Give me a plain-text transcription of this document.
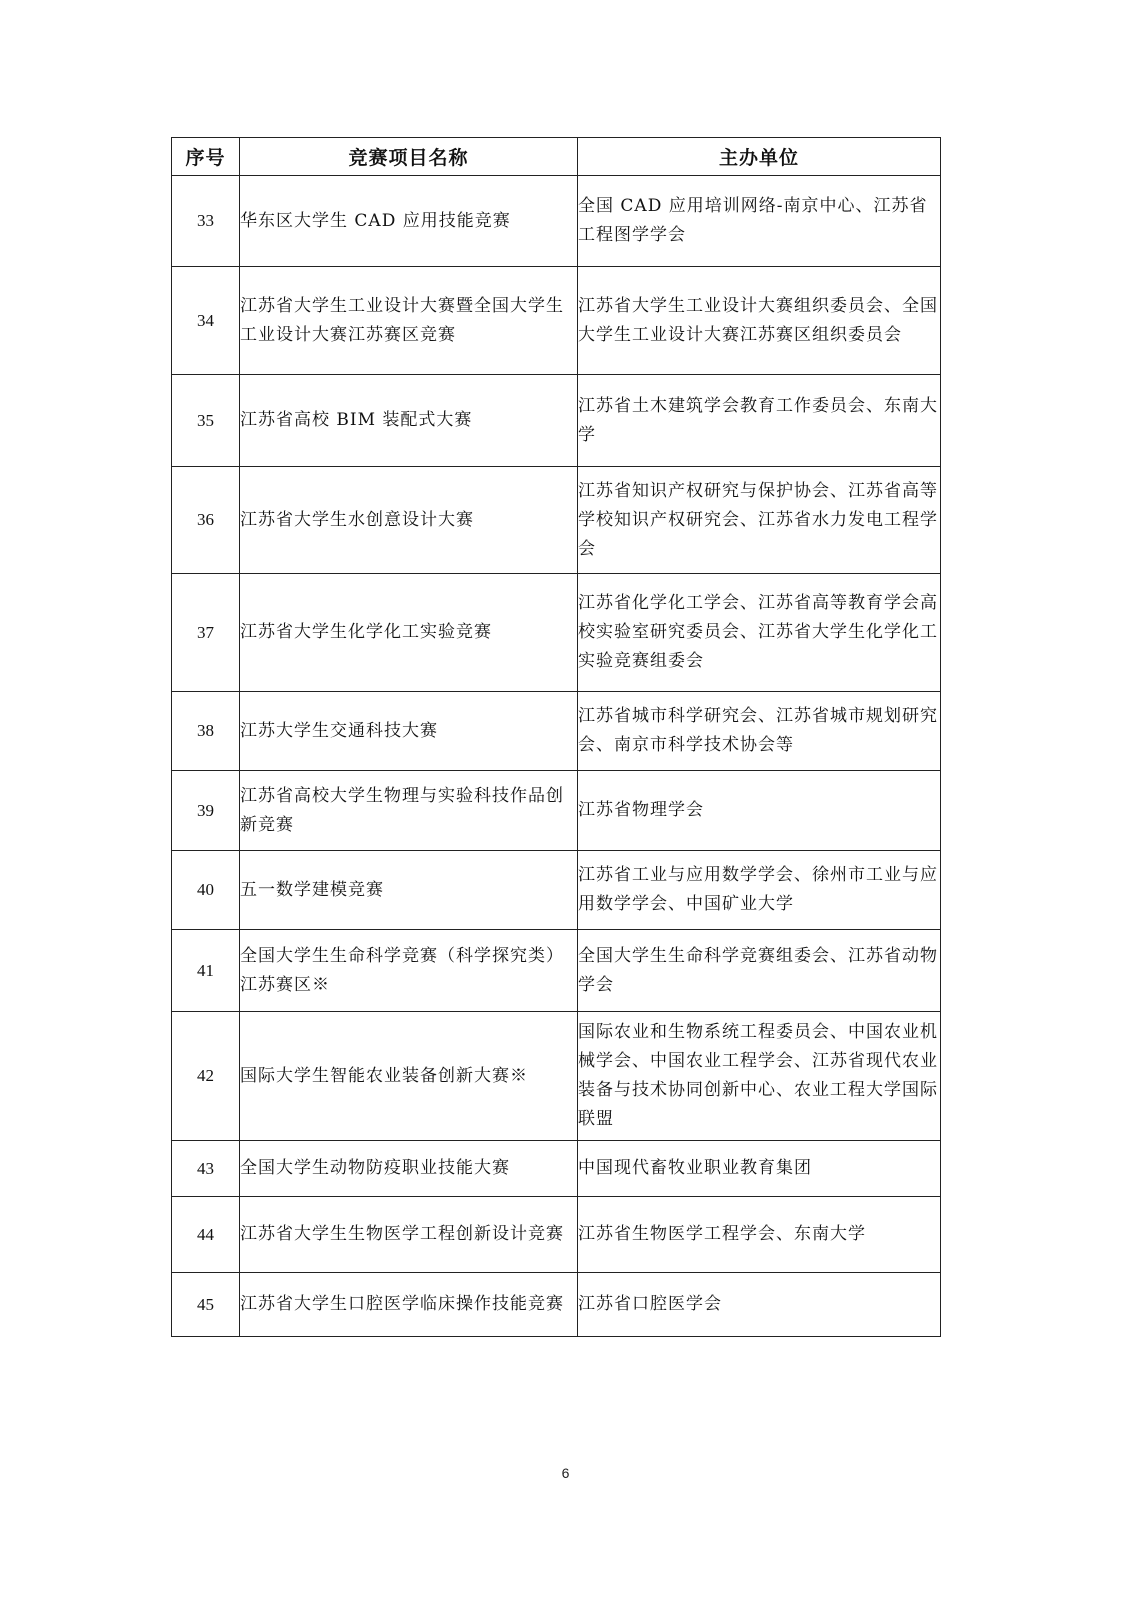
序号	竞赛项目名称	主办单位
33	华东区大学生 CAD 应用技能竞赛	全国 CAD 应用培训网络-南京中心、江苏省工程图学学会
34	江苏省大学生工业设计大赛暨全国大学生工业设计大赛江苏赛区竞赛	江苏省大学生工业设计大赛组织委员会、全国大学生工业设计大赛江苏赛区组织委员会
35	江苏省高校 BIM 装配式大赛	江苏省土木建筑学会教育工作委员会、东南大学
36	江苏省大学生水创意设计大赛	江苏省知识产权研究与保护协会、江苏省高等学校知识产权研究会、江苏省水力发电工程学会
37	江苏省大学生化学化工实验竞赛	江苏省化学化工学会、江苏省高等教育学会高校实验室研究委员会、江苏省大学生化学化工实验竞赛组委会
38	江苏大学生交通科技大赛	江苏省城市科学研究会、江苏省城市规划研究会、南京市科学技术协会等
39	江苏省高校大学生物理与实验科技作品创新竞赛	江苏省物理学会
40	五一数学建模竞赛	江苏省工业与应用数学学会、徐州市工业与应用数学学会、中国矿业大学
41	全国大学生生命科学竞赛（科学探究类）江苏赛区※	全国大学生生命科学竞赛组委会、江苏省动物学会
42	国际大学生智能农业装备创新大赛※	国际农业和生物系统工程委员会、中国农业机械学会、中国农业工程学会、江苏省现代农业装备与技术协同创新中心、农业工程大学国际联盟
43	全国大学生动物防疫职业技能大赛	中国现代畜牧业职业教育集团
44	江苏省大学生生物医学工程创新设计竞赛	江苏省生物医学工程学会、东南大学
45	江苏省大学生口腔医学临床操作技能竞赛	江苏省口腔医学会
6
